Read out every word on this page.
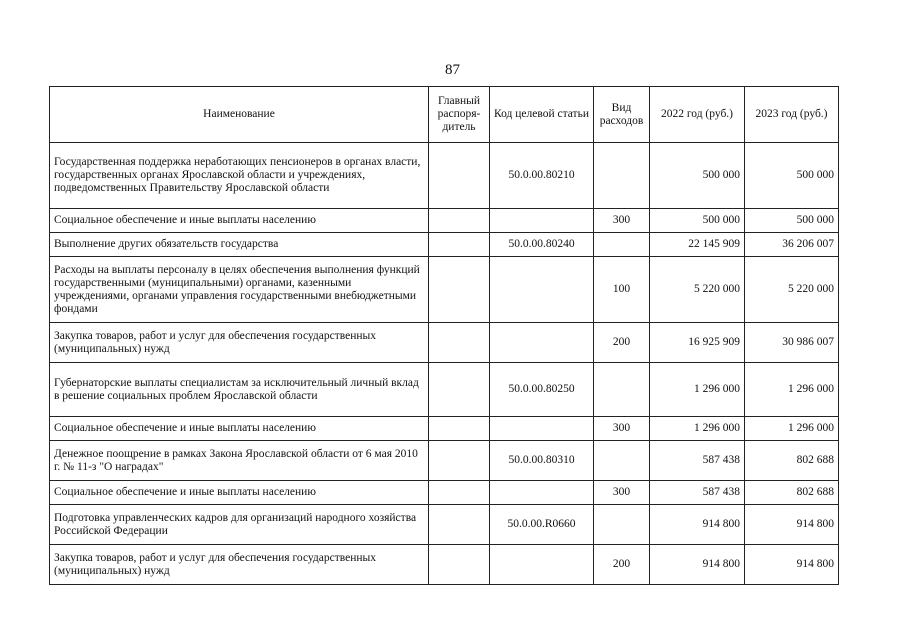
87
Наименование	Главный распоря-дитель	Код целевой статьи	Вид расходов	2022 год (руб.)	2023 год (руб.)
Государственная поддержка неработающих пенсионеров в органах власти, государственных органах Ярославской области и учреждениях, подведомственных Правительству Ярославской области		50.0.00.80210		500 000	500 000
Социальное обеспечение и иные выплаты населению			300	500 000	500 000
Выполнение других обязательств государства		50.0.00.80240		22 145 909	36 206 007
Расходы на выплаты персоналу в целях обеспечения выполнения функций государственными (муниципальными) органами, казенными учреждениями, органами управления государственными внебюджетными фондами			100	5 220 000	5 220 000
Закупка товаров, работ и услуг для обеспечения государственных (муниципальных) нужд			200	16 925 909	30 986 007
Губернаторские выплаты специалистам за исключительный личный вклад в решение социальных проблем Ярославской области		50.0.00.80250		1 296 000	1 296 000
Социальное обеспечение и иные выплаты населению			300	1 296 000	1 296 000
Денежное поощрение в рамках Закона Ярославской области от 6 мая 2010 г. № 11-з "О наградах"		50.0.00.80310		587 438	802 688
Социальное обеспечение и иные выплаты населению			300	587 438	802 688
Подготовка управленческих кадров для организаций народного хозяйства Российской Федерации		50.0.00.R0660		914 800	914 800
Закупка товаров, работ и услуг для обеспечения государственных (муниципальных) нужд			200	914 800	914 800
